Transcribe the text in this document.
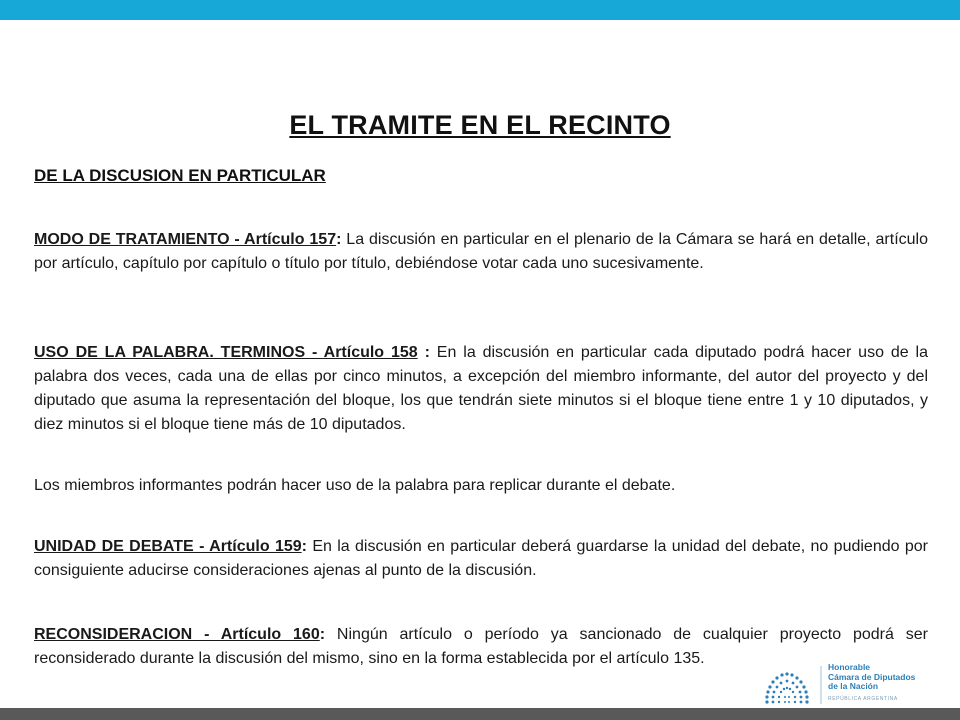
EL TRAMITE EN EL RECINTO
DE LA DISCUSION EN PARTICULAR
MODO DE TRATAMIENTO - Artículo 157: La discusión en particular en el plenario de la Cámara se hará en detalle, artículo por artículo, capítulo por capítulo o título por título, debiéndose votar cada uno sucesivamente.
USO DE LA PALABRA. TERMINOS - Artículo 158 : En la discusión en particular cada diputado podrá hacer uso de la palabra dos veces, cada una de ellas por cinco minutos, a excepción del miembro informante, del autor del proyecto y del diputado que asuma la representación del bloque, los que tendrán siete minutos si el bloque tiene entre 1 y 10 diputados, y diez minutos si el bloque tiene más de 10 diputados.
Los miembros informantes podrán hacer uso de la palabra para replicar durante el debate.
UNIDAD DE DEBATE - Artículo 159: En la discusión en particular deberá guardarse la unidad del debate, no pudiendo por consiguiente aducirse consideraciones ajenas al punto de la discusión.
RECONSIDERACION - Artículo 160: Ningún artículo o período ya sancionado de cualquier proyecto podrá ser reconsiderado durante la discusión del mismo, sino en la forma establecida por el artículo 135.	Honorable
Cámara de Diputados
de la Nación
REPÚBLICA ARGENTINA
